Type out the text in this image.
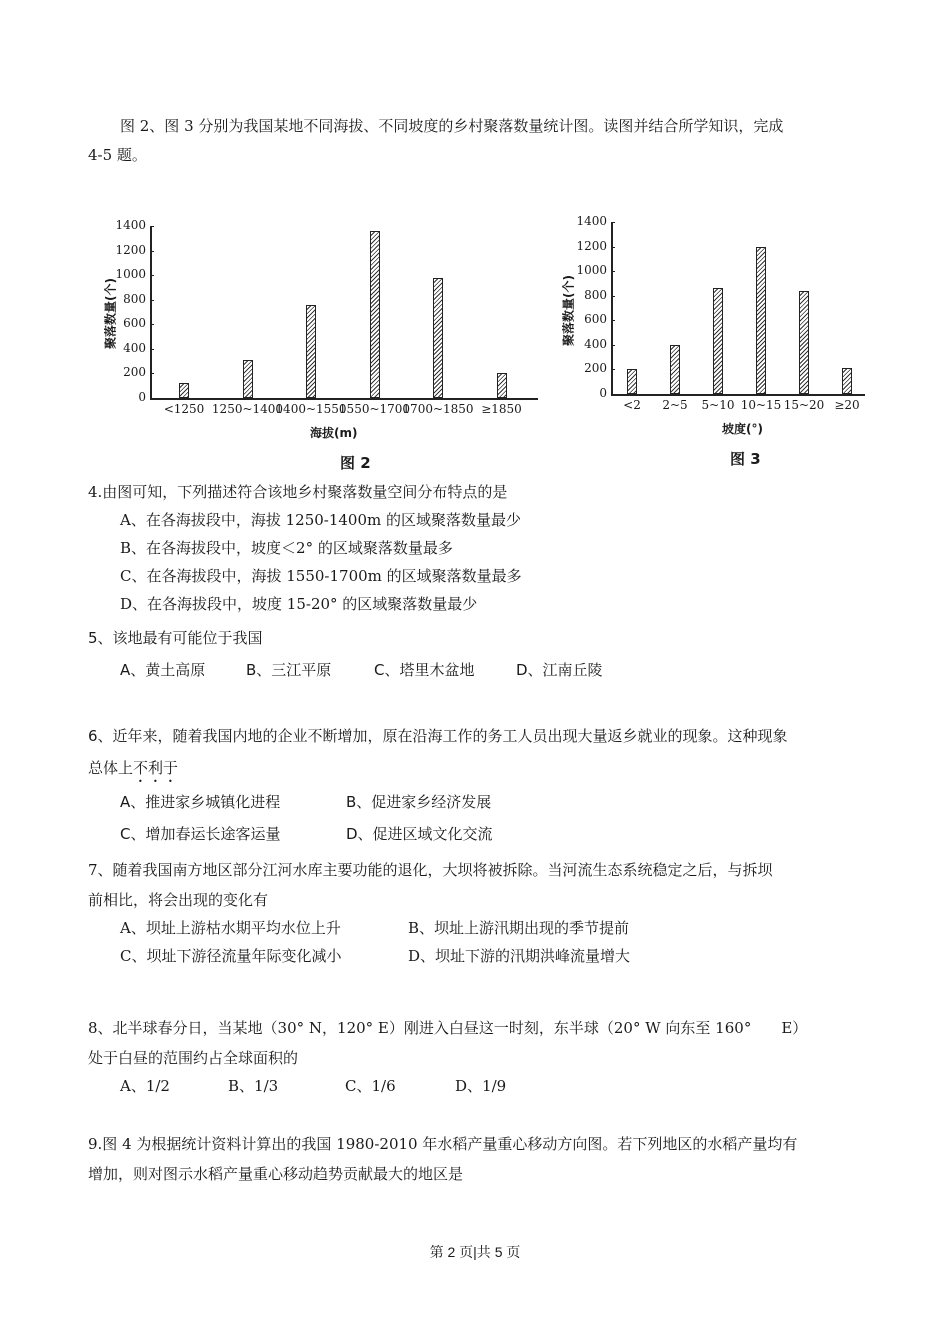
图 2、图 3 分别为我国某地不同海拔、不同坡度的乡村聚落数量统计图。读图并结合所学知识，完成
4-5 题。
0
200
400
600
800
1000
1200
1400
<1250 1250~1400
1400~1550
1550~1700
1700~1850 ≥1850
聚落数量(个)
海拔(m)
图 2
0
200
400
600
800
1000
1200
1400
<2	2~5	5~10 10~15 15~20 ≥20
聚落数量(个)
坡度(°)
图 3
4.由图可知，下列描述符合该地乡村聚落数量空间分布特点的是
A、在各海拔段中，海拔 1250-1400m 的区域聚落数量最少
B、在各海拔段中，坡度＜2° 的区域聚落数量最多
C、在各海拔段中，海拔 1550-1700m 的区域聚落数量最多
D、在各海拔段中，坡度 15-20° 的区域聚落数量最少
5、该地最有可能位于我国
A、黄土高原	B、三江平原	C、塔里木盆地	D、江南丘陵
6、近年来，随着我国内地的企业不断增加，原在沿海工作的务工人员出现大量返乡就业的现象。这种现象
总体上不利于
A、推进家乡城镇化进程	B、促进家乡经济发展
C、增加春运长途客运量	D、促进区域文化交流
7、随着我国南方地区部分江河水库主要功能的退化，大坝将被拆除。当河流生态系统稳定之后，与拆坝
前相比，将会出现的变化有
A、坝址上游枯水期平均水位上升	B、坝址上游汛期出现的季节提前
C、坝址下游径流量年际变化减小	D、坝址下游的汛期洪峰流量增大
8、北半球春分日，当某地（30° N，120° E）刚进入白昼这一时刻，东半球（20° W 向东至 160°　　E）
处于白昼的范围约占全球面积的
A、1/2	B、1/3	C、1/6	D、1/9
9.图 4 为根据统计资料计算出的我国 1980-2010 年水稻产量重心移动方向图。若下列地区的水稻产量均有
增加，则对图示水稻产量重心移动趋势贡献最大的地区是
第 2 页|共 5 页
